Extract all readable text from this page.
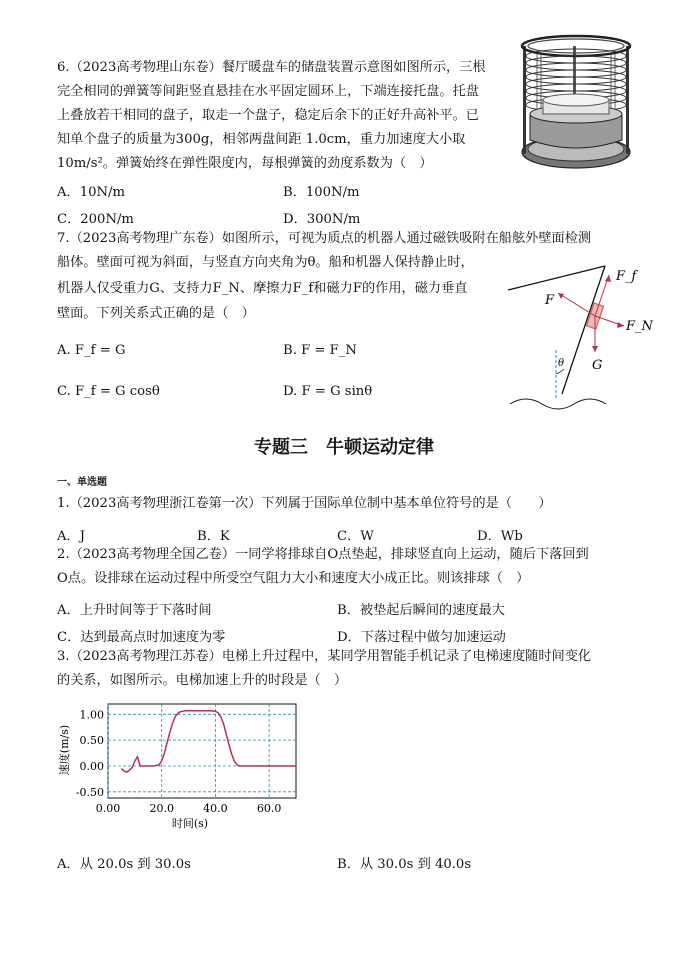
6.（2023高考物理山东卷）餐厅暖盘车的储盘装置示意图如图所示，三根
完全相同的弹簧等间距竖直悬挂在水平固定圆环上，下端连接托盘。托盘
上叠放若干相同的盘子，取走一个盘子，稳定后余下的正好升高补平。已
知单个盘子的质量为300g，相邻两盘间距 1.0cm，重力加速度大小取
10m/s²。弹簧始终在弹性限度内，每根弹簧的劲度系数为（　）
A．10N/m	B．100N/m
C．200N/m	D．300N/m
7.（2023高考物理广东卷）如图所示，可视为质点的机器人通过磁铁吸附在船舷外壁面检测
船体。壁面可视为斜面，与竖直方向夹角为θ。船和机器人保持静止时，
机器人仅受重力G、支持力F_N、摩擦力F_f和磁力F的作用，磁力垂直
壁面。下列关系式正确的是（　）
A. F_f = G	B. F = F_N
C. F_f = G cosθ	D. F = G sinθ
F_f
F
F_N
G
θ
专题三　牛顿运动定律
一、单选题
1.（2023高考物理浙江卷第一次）下列属于国际单位制中基本单位符号的是（　　）
A．J	B．K	C．W	D．Wb
2.（2023高考物理全国乙卷）一同学将排球自O点垫起，排球竖直向上运动，随后下落回到
O点。设排球在运动过程中所受空气阻力大小和速度大小成正比。则该排球（　）
A．上升时间等于下落时间	B．被垫起后瞬间的速度最大
C．达到最高点时加速度为零	D．下落过程中做匀加速运动
3.（2023高考物理江苏卷）电梯上升过程中，某同学用智能手机记录了电梯速度随时间变化
的关系，如图所示。电梯加速上升的时段是（　）
0.00	20.0	40.0	60.0
1.00
0.50
0.00
-0.50
速度(m/s)
时间(s)
A．从 20.0s 到 30.0s	B．从 30.0s 到 40.0s
